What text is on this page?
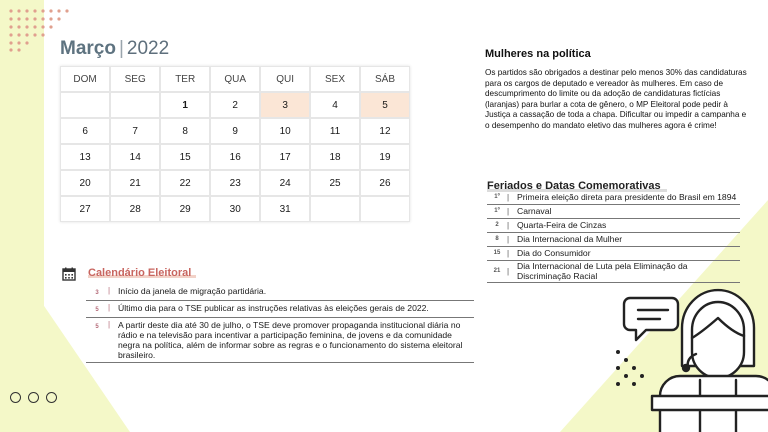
Março | 2022
DOM	SEG	TER	QUA	QUI	SEX	SÁB
		1	2	3	4	5
6	7	8	9	10	11	12
13	14	15	16	17	18	19
20	21	22	23	24	25	26
27	28	29	30	31		
Calendário Eleitoral
3	| Início da janela de migração partidária.
5	| Último dia para o TSE publicar as instruções relativas às eleições gerais de 2022.
5	| A partir deste dia até 30 de julho, o TSE deve promover propaganda institucional diária no rádio e na televisão para incentivar a participação feminina, de jovens e da comunidade negra na política, além de informar sobre as regras e o funcionamento do sistema eleitoral brasileiro.
Mulheres na política
Os partidos são obrigados a destinar pelo menos 30% das candidaturas para os cargos de deputado e vereador às mulheres. Em caso de descumprimento do limite ou da adoção de candidaturas fictícias (laranjas) para burlar a cota de gênero, o MP Eleitoral pode pedir à Justiça a cassação de toda a chapa. Dificultar ou impedir a campanha e o desempenho do mandato eletivo das mulheres agora é crime!
Feriados e Datas Comemorativas
1º | Primeira eleição direta para presidente do Brasil em 1894
1º | Carnaval
2	| Quarta-Feira de Cinzas
8	| Dia Internacional da Mulher
15 | Dia do Consumidor
21 |
Dia Internacional de Luta pela Eliminação da Discriminação Racial
